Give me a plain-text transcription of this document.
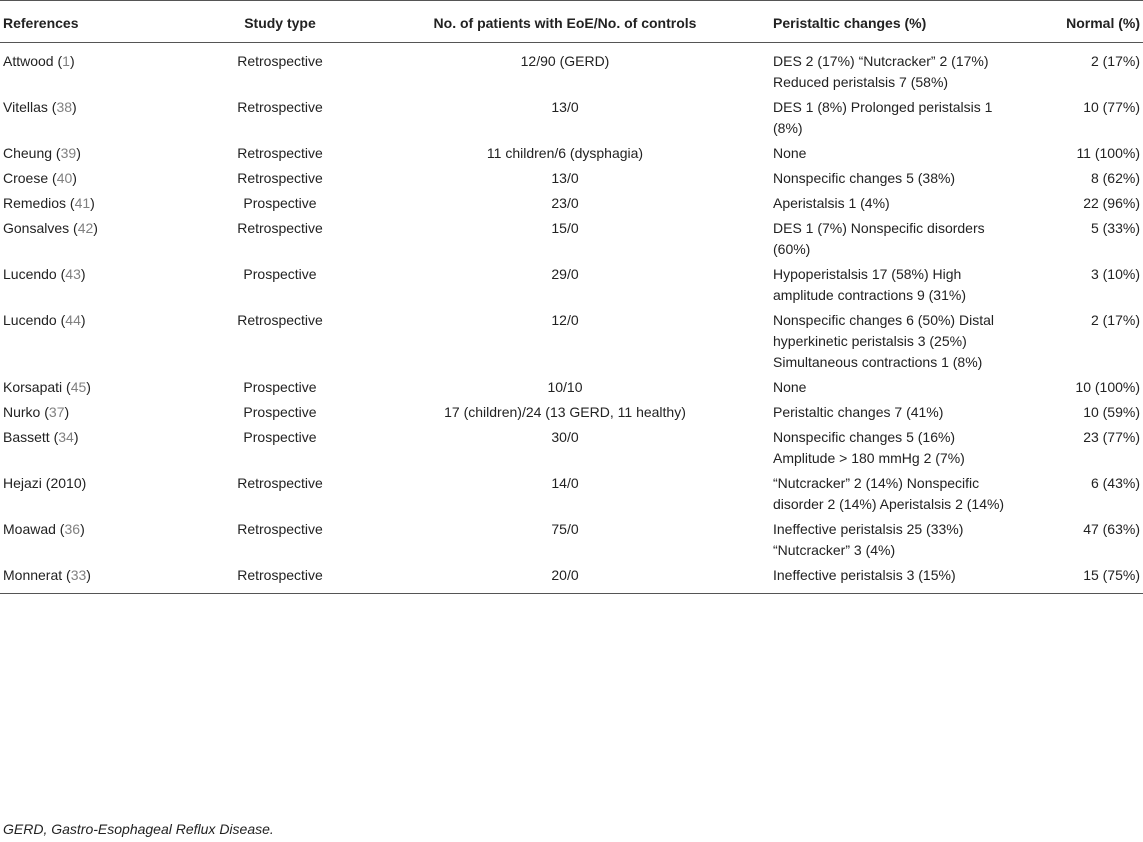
References	Study type	No. of patients with EoE/No. of controls	Peristaltic changes (%)	Normal (%)
Attwood (1)	Retrospective	12/90 (GERD)	DES 2 (17%) “Nutcracker” 2 (17%) Reduced peristalsis 7 (58%)	2 (17%)
Vitellas (38)	Retrospective	13/0	DES 1 (8%) Prolonged peristalsis 1 (8%)	10 (77%)
Cheung (39)	Retrospective	11 children/6 (dysphagia)	None	11 (100%)
Croese (40)	Retrospective	13/0	Nonspecific changes 5 (38%)	8 (62%)
Remedios (41)	Prospective	23/0	Aperistalsis 1 (4%)	22 (96%)
Gonsalves (42)	Retrospective	15/0	DES 1 (7%) Nonspecific disorders (60%)	5 (33%)
Lucendo (43)	Prospective	29/0	Hypoperistalsis 17 (58%) High amplitude contractions 9 (31%)	3 (10%)
Lucendo (44)	Retrospective	12/0	Nonspecific changes 6 (50%) Distal hyperkinetic peristalsis 3 (25%) Simultaneous contractions 1 (8%)	2 (17%)
Korsapati (45)	Prospective	10/10	None	10 (100%)
Nurko (37)	Prospective	17 (children)/24 (13 GERD, 11 healthy)	Peristaltic changes 7 (41%)	10 (59%)
Bassett (34)	Prospective	30/0	Nonspecific changes 5 (16%) Amplitude > 180 mmHg 2 (7%)	23 (77%)
Hejazi (2010)	Retrospective	14/0	“Nutcracker” 2 (14%) Nonspecific disorder 2 (14%) Aperistalsis 2 (14%)	6 (43%)
Moawad (36)	Retrospective	75/0	Ineffective peristalsis 25 (33%) “Nutcracker” 3 (4%)	47 (63%)
Monnerat (33)	Retrospective	20/0	Ineffective peristalsis 3 (15%)	15 (75%)
GERD, Gastro-Esophageal Reflux Disease.
